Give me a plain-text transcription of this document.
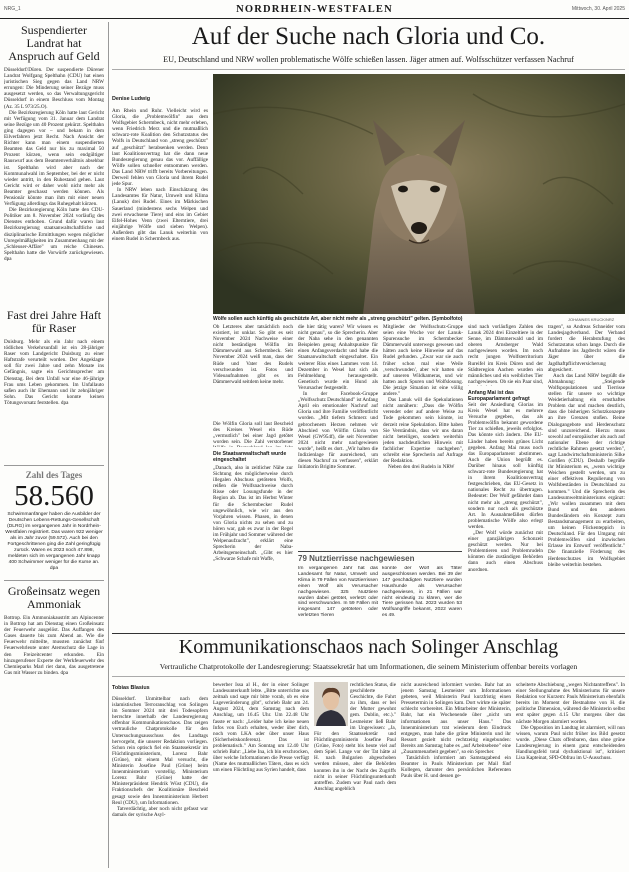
NRG_1	NORDRHEIN-WESTFALEN	Mittwoch, 30. April 2025
Suspendierter Landrat hat Anspruch auf Geld

Düsseldorf/Düren. Der suspendierte Dürener Landrat Wolfgang Spelthahn (CDU) hat einen juristischen Sieg gegen das Land NRW errungen: Die Minderung seiner Bezüge muss ausgesetzt werden, so das Verwaltungsgericht Düsseldorf in einem Beschluss vom Montag (Az. 35 L 973/25.O).

Die Bezirksregierung Köln hatte laut Gericht mit Verfügung vom 31. Januar dem Landrat seine Bezüge um 40 Prozent gekürzt. Spelthahn ging dagegen vor – und bekam in dem Eilverfahren jetzt Recht. Nach Ansicht der Richter kann man einem suspendierten Beamten das Geld nur bis zu maximal 50 Prozent kürzen, wenn sein endgültiger Rauswurf aus dem Beamtenverhältnis absehbar ist. Spelthahn wird aber nach der Kommunalwahl im September, bei der er nicht wieder antritt, in den Ruhestand gehen. Laut Gericht wird er daher wohl nicht mehr als Beamter geschasst werden können. Als Pensionär könnte man ihm mit einer neuen Verfügung allerdings das Ruhegehalt kürzen.

Die Bezirksregierung Köln hatte den CDU-Politiker am 8. November 2024 vorläufig des Dienstes enthoben. Grund dafür waren laut Bezirksregierung staatsanwaltschaftliche und disziplinarische Ermittlungen wegen möglicher Unregelmäßigkeiten im Zusammenhang mit der „Schleuser-Affäre" um reiche Chinesen. Spelthahn hatte die Vorwürfe zurückgewiesen. dpa

Fast drei Jahre Haft für Raser

Duisburg. Mehr als ein Jahr nach einem tödlichen Verkehrsunfall ist ein 28-jähriger Raser vom Landgericht Duisburg zu einer Haftstrafe verurteilt worden. Der Angeklagte soll für zwei Jahre und zehn Monate ins Gefängnis, sagte ein Gerichtssprecher am Dienstag. Bei dem Unfall war eine 46-jährige Frau ums Leben gekommen. Im Unfallauto saßen auch ihr Ehemann und ihr zehnjähriger Sohn. Das Gericht konnte keinen Tötungsvorsatz feststellen. dpa

Zahl des Tages
58.560
Schwimmanfänger haben die Ausbilder der Deutschen Lebens-Rettungs-Gesellschaft (DLRG) im vergangenen Jahr in Nordrhein-Westfalen registriert. Das waren 922 weniger als im Jahr zuvor (59.572). Auch bei den Fortgeschrittenen ging die Zahl geringfügig zurück. Waren es 2023 noch 47.898, meldeten sich im vergangenen Jahr knapp 400 Schwimmer weniger für die Kurse an. dpa
Großeinsatz wegen Ammoniak

Bottrop. Ein Ammoniakaustritt am Alpincenter in Bottrop hat am Dienstag einen Großeinsatz der Feuerwehr ausgelöst. Das Auffangen des Gases dauerte bis zum Abend an. Wie die Feuerwehr mitteilte, mussten zunächst fünf Feuerwehrleute unter Atemschutz die Lage in den Freizeitcenter erkunden. Ein hinzugerufener Experte der Werkfeuerwehr des Chemieparks Marl riet dann, das ausgetretene Gas mit Wasser zu binden. dpa

Auf der Suche nach Gloria und Co.
EU, Deutschland und NRW wollen problematische Wölfe schießen lassen. Jäger atmen auf. Wolfsschützer verfassen Nachruf
Denise Ludwig

Am Rhein und Ruhr. Vielleicht wird es Gloria, die „Problemwölfin" aus dem Wolfsgebiet Schermbeck, nicht mehr erleben, wenn Friedrich Merz und die mutmaßlich schwarz-rote Koalition den Schutzstatus des Wolfs in Deutschland von „streng geschützt" auf „geschützt" herabsenken werden. Denn laut Koalitionsvertrag hat die dann neue Bundesregierung genau das vor. Auffällige Wölfe sollen schneller entnommen werden. Das Land NRW trifft bereits Vorbereitungen. Derweil fehlen von Gloria und ihrem Rudel jede Spur.

In NRW leben nach Einschätzung des Landesamtes für Natur, Umwelt und Klima (Lanuk) drei Rudel. Eines im Märkischen Sauerland (mindestens sechs Welpen und zwei erwachsene Tiere) und eins im Gebiet Eifel-Hohes Venn (zwei Elterntiere, drei einjährige Wölfe und sieben Welpen). Außerdem gibt das Lanuk weiterhin von einem Rudel in Schermbeck aus.

Wölfe sollen auch künftig als geschützte Art, aber nicht mehr als „streng geschützt" gelten. (Symbolfoto)	JOHANNES KRUCK/NRZ

Ob Letzteres aber tatsächlich noch existiert, ist unklar. So gibt es seit November 2024 Nachweise einer nicht beständigen Wölfin im Dämmerwald aus Schermbeck. Seit November 2024 weiß man, dass der Rüde und Vater des Rudels verschwunden ist. Fotos und Videoaufnahmen gibt es im Dämmerwald seitdem keine mehr.

Die Wölfin Gloria soll laut Bescheid des Kreises Wesel ein Rüde „vermutlich" bei einer Jagd getötet worden sein. Die Zahl verstorbener

Die Staatsanwaltschaft wurde eingeschaltet

„Danach, also in zeitlicher Nähe zur Sichtung des möglicherweise durch illegalen Abschuss getöteten Wolfs, reißen die Wolfsnachweise durch Risse oder Losungsfunde in der Region ab. Das ist im Herbst Winter für die Schermbecker Rudel ungewöhnlich, wie wir aus den Vorjahren wissen. Phasen, in denen von Gloria nichts zu sehen und zu hören war, gab es zwar in der Regel im Frühjahr und Sommer während der Welpenaufzucht", erklärt eine Sprecherin der Naba-Arbeitsgemeinschaft. „Gibt es hier „Schwarze Schafe mit Waffe,

die hier tätig waren? Wir wissen es nicht genau", so die Sprecherin. Aber der Naba sehe in den genannten Beispielen genug Anhaltspunkte für einen Anfangsverdacht und habe die Staatsanwaltschaft eingeschaltet. Ein weiterer Riss eines Lammes vom 14. Dezember in Wesel hat sich als Fehlmeldung herausgestellt. Genetisch wurde ein Hund als Verursacher festgestellt.

In der Facebook-Gruppe „Wolfsschutz Deutschland" ist Anfang April ein emotionaler Nachruf auf Gloria und ihre Familie veröffentlicht worden. „Mit tiefem Schmerz und gebrochenem Herzen nehmen wir Abschied von Wölfin Gloria von Wesel (GW954f), die seit November 2024 nicht mehr nachgewiesen wurde", heißt es dort. „Wir halten die Indizienlage für ausreichend, um diesen Nachruf zu verfassen", erklärt Initiatorin Brigitte Sommer.

Mitglieder der Wolfsschutz-Gruppe seien eine Woche vor der Lanuk-Spurensuche im Schermbecker Dämmerwald unterwegs gewesen und hätten auch keine Hinweise auf das Rudel gefunden. „Zwar war sie auch früher schon mal eine Weile ‚verschwunden', aber wir hatten sie auf unseren Wildkameras, und wir hatten auch Spuren und Wolfslosung. Die jetzige Situation ist eine völlig andere."

Das Lanuk will die Spekulationen nicht annähern: „Dass die Wölfin verendet oder auf andere Weise zu Tode gekommen sein könnte, ist derzeit reine Spekulation. Bitte haben Sie Verständnis, dass wir uns daran nicht beteiligen, sondern weiterhin jeden nachdeutlichen Hinweis mit fachlicher Expertise nachgehen", schreibt eine Sprecherin auf Anfrage der Redaktion.

Neben den drei Rudeln in NRW

sind nach vorläufigen Zahlen des Lanuk 2024 drei Einzeltiere in der Senne, im Dämmerwald und im oberen Arnsberger Wald nachgewiesen worden. Im noch recht jungen Wolfsterritorium Rureifel im Kreis Düren und der Städteregion Aachen wurden ein männliches und ein weibliches Tier nachgewiesen. Ob sie ein Paar sind,

Anfang Mai ist das Europaparlament gefragt

Seit der Ansiedlung Glorias im Kreis Wesel hat es mehrere Versuche gegeben, das als Problemwölfin bekannt gewordene Tier zu schießen, jeweils erfolglos. Das könnte sich ändern. Die EU-Länder haben bereits grünes Licht gegeben. Anfang Mai muss noch das Europaparlament abstimmen. Auch die Union begrüßt es. Darüber hinaus soll künftig schwarz-rote Bundesregierung hat in ihrem Koalitionsvertrag festgeschrieben, das EU-Gesetz in nationales Recht zu übertragen. Bedeutet: Der Wolf gefährdet dann nicht mehr als „streng geschützt", sondern nur noch als geschützte Art. In Ausnahmefällen dürfen problematische Wölfe also erlegt werden.

„Der Wolf würde zunächst mit einer ganzjährigen Schonzeit geschützt werden. Nur bei Problemtieren und Problemrudeln könnten die zuständigen Behörden dann auch einen Abschuss anordnen.

tragen", so Andreas Schneider vom Landesjagdverband. Der Verband fordert die Herabstufung des Schutzstatus schon lange. Durch die Aufnahme ins Jagdrecht wären die Jäger über die Jagdhaftpflichtversicherung abgesichert.

Auch das Land NRW begrüßt die Abmahnung: „Steigende Wolfspopulationen und Tierrisse stellen für unsere so wichtige Weidetierhaltung ein ernsthaftes Problem dar und machen deutlich, dass die bisherigen Schutzkonzepte an ihre Grenzen stoßen. Reine Dialogangebote und Herdenschutz sind unzureichend. Hierzu muss sowohl auf europäischer als auch auf nationaler Ebene der richtige rechtliche Rahmen gesetzt werden", sagt Landwirtschaftsministerin Silke Gorißen (CDU). Deshalb begrüße ihr Ministerium es, „wenn wichtige Weichen gestellt werden, um zu einer effektiven Regulierung von Wolfsbeständen in Deutschland zu kommen." Und die Sprecherin des Landesumweltministeriums ergänzt: „Wir wollen zusammen mit dem Bund und den anderen Bundesländern ein Konzept zum Bestandsmanagement zu erarbeiten, um keinen Flickenteppich in Deutschland. Für den Umgang mit Problemwölfen sind inzwischen Erlasse im Entwurf veröffentlicht." Die finanzielle Förderung des Herdenschutzes im Wolfsgebiet bleibe weiterhin bestehen.

79 Nutztierrisse nachgewiesen
Im vergangenen Jahr hat das Landesamt für Natur, Umwelt und Klima in 79 Fällen von Nutztierrissen einen Wolf als Verursacher nachgewiesen. 325 Nutztiere wurden dabei getötet, verletzt oder sind verschwunden. In 59 Fällen mit insgesamt 147 getöteten oder verletzten Tieren
konnte der Wolf als Täter ausgeschlossen werden. Bei 39 der 147 geschädigten Nutztiere wurden Haushunde als Verursacher nachgewiesen, in 21 Fällen war nicht eindeutig zu klären, wer die Tiere gerissen hat. 2023 wurden 53 Wolfsangriffe bekannt, 2022 waren es 49.
Kommunikationschaos nach Solinger Anschlag
Vertrauliche Chatprotokolle der Landesregierung: Staatssekretär hat um Informationen, die seinem Ministerium offenbar bereits vorlagen
Tobias Blasius

Düsseldorf. Unmittelbar nach dem islamistischen Terroranschlag von Solingen im Sommer 2024 mit drei Todesopfern herrschte innerhalb der Landesregierung offenbar Kommunikationschaos. Das zeigen vertrauliche Chatprotokolle für den Untersuchungsausschuss des Landtags hervorgeht, die unserer Redaktion vorliegen. Schon rein optisch fiel ein Staatssekretär im Flüchtlingsministerium, Lorenz Bahr (Grüne), mit einem Mal versucht, die Ministerin Josefine Paul (Grüne) beim Innenministerium vorstellig. Ministerium Lorenz Bahr (Grüne) hatte der Ministerpräsident Hendrik Wüst (CDU), die Fraktionschefs der Koalitionäre Bescheid gesagt sowie den Innenministerium Herbert Reul (CDU), um Informationen.

Tatverdächtig, aber noch nicht gefasst war damals der syrische Asyl-

bewerber Issa al H., der in einer Solinger Landesunterkunft lebte. „Bitte unterrichte uns zeitnah und sage mir bitte vorab, ob es eine Lageveränderung gibt", schrieb Bahr am 24. August 2024, dem Samstag nach dem Anschlag, um 16.45 Uhr. Um 22.48 Uhr fasste er nach: „Leider habe ich keine neuen Infos von Euch erhalten, weder über dich, noch vom LKA oder über unser Haus (Sicherheitskonferenz). Das ist problematisch." Am Sonntag um 12.40 Uhr schrieb Bahr: „Liebe Ina, ich bin erschrocken, über welche Informationen die Presse verfügt (Name des mutmaßlichen Täters, dass es sich um einen Flüchtling aus Syrien handelt, dass

rechtlichen Status, die geschilderte Geschichte, die Fahrt zu ihm, dass er bei der Mutter gewohnt gem. Dublin, etc.)." Lesmeister ließ Bahr im Ungewissen: „Ja,

Für den Staatssekretär und Flüchtlingsministerin Josefine Paul (Grüne, Foto) steht bis heute viel auf dem Spiel. Lange vor der Tat hätte al H. nach Bulgarien abgeschoben werden müssen, aber die Behörden konnten ihn in der Nacht des Zugriffs nicht in seiner Flüchtlingsunterkunft antreffen. Zudem war Paul nach dem Anschlag angeblich

nicht ausreichend informiert worden. Bahr hat an jenem Samstag Lesmeister um Informationen gebeten, weil Ministerin Paul kurzfristig einen Pressetermin in Solingen kam. Dort wirkte sie später schlecht vorbereitet. Ein Mitarbeiter der Ministerin, Bahr, hat ein Wochenende über „nicht um informationen aus unser Haus." Das Innenministerium trat wiederum dem Eindruck entgegen, man habe die grüne Ministerin und ihr Ressort gezielt nicht rechtzeitig eingebunden: Bereits am Samstag habe es „auf Arbeitsebene" eine „Zusammenarbeit gegeben", so ein Sprecher.

Tatsächlich informiert am Samstagabend ein Beamter in Pauls Ministerium per Mail fünf Kollegen, darunter den persönlichen Referenten Pauls über H. und dessen ge-

scheiterte Abschiebung „wegen Nichtantreffens". In einer Stellungnahme des Ministeriums für unsere Redaktion vor Kurzem: Pauls Ministerium ebenfalls bereits im Moment der Bestnahme von H. die politische Dimension, während die Ministerin selbst erst später gegen 4.15 Uhr morgens über das nächste Morgen alarmiert worden.

Die Opposition im Landtag ist alarmiert, will nun wissen, warum Paul nicht früher ins Bild gesetzt wurde. „Diese Chats offenbaren, dass ohne grüne Landesregierung in einem ganz entscheidenden Handlungsfeld total dysfunktional ist", kritisiert Lisa Kapteinat, SPD-Obfrau im U-Ausschuss.
